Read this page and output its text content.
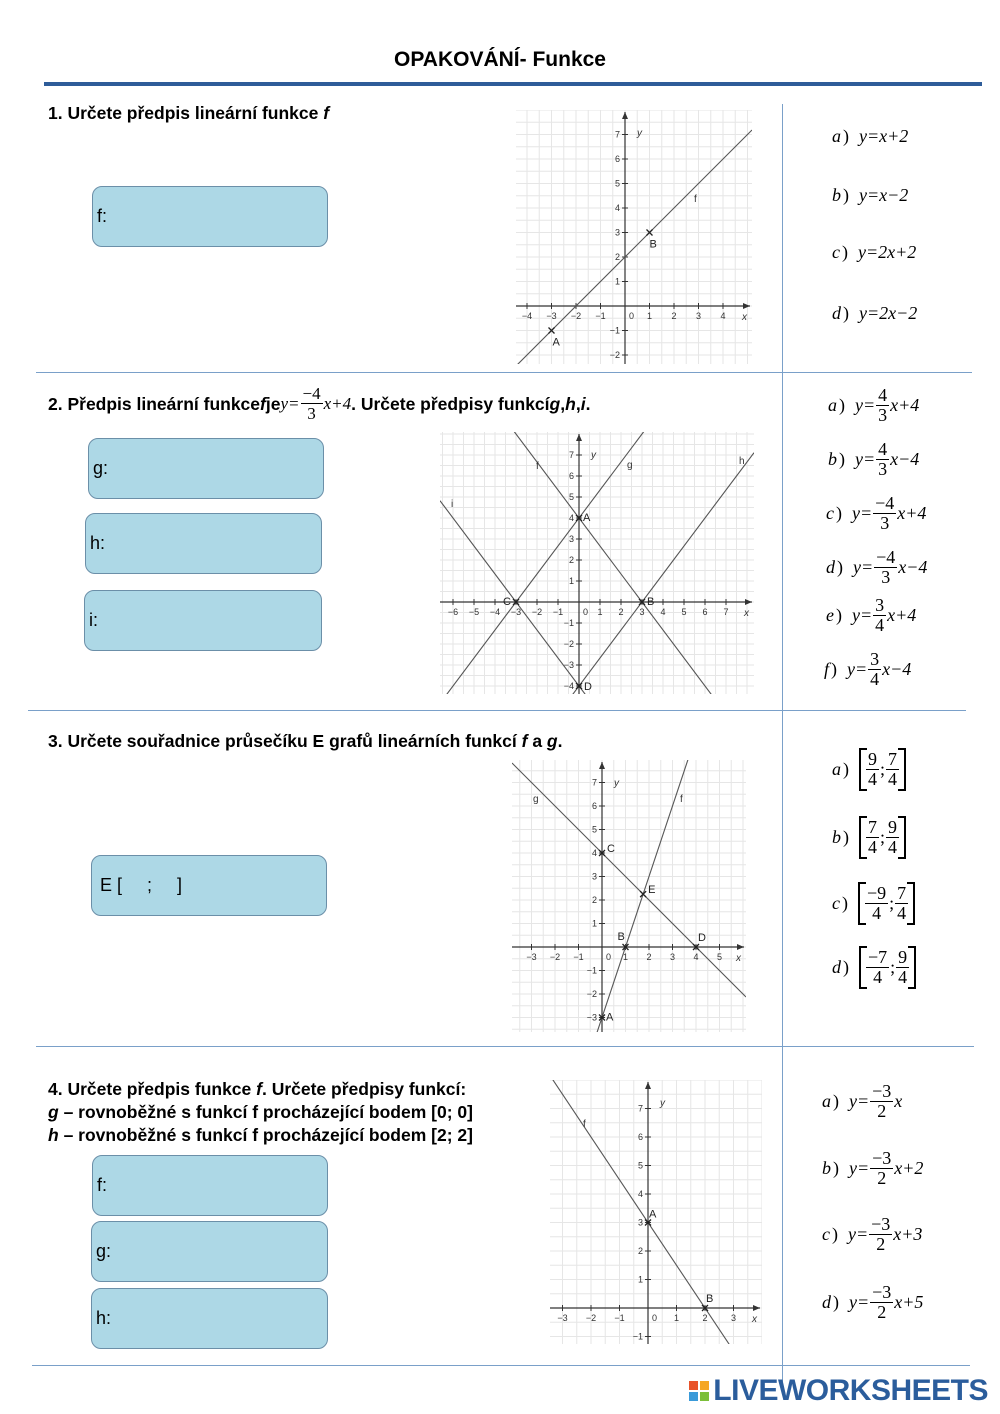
OPAKOVÁNÍ- Funkce
1. Určete předpis lineární funkce f
f:
−4 −3 −2 −1	1 2 3 4
0
−2
−1
1
2
3
4
5
6
7
x
y
f
A
B
a ) y=x+2
b ) y=x−2
c ) y=2x+2
d ) y=2x−2
2. Předpis lineární funkce f je $y= \frac{-4}{3} x+4$ . Určete předpisy funkcí g , h , i .
g:
h:
i:	−6 −5 −4 −3 −2 −1	1 2 3 4 5 6 7
0
−4
−3
−2
−1
1
2
3
4
5
6
7
x
y
f	g	h
i
A
B
C
D
a ) $y= \frac{4}{3} x+4$
b ) $y= \frac{4}{3} x-4$
c ) $y= \frac{-4}{3} x+4$
d ) $y= \frac{-4}{3} x-4$
e ) $y= \frac{3}{4} x+4$
f ) $y= \frac{3}{4} x-4$
3. Určete souřadnice průsečíku E grafů lineárních funkcí f a g.
E [     ;     ]
−3 −2 −1	1 2 3 4 5
0
−3
−2
−1
1
2
3
4
5
6
7
x
y
f
g
A
B
C
D
E
a ) $\frac{9}{4}$ ; $\frac{7}{4}$
b ) $\frac{7}{4}$ ; $\frac{9}{4}$
c ) $\frac{-9}{4}$ ; $\frac{7}{4}$
d ) $\frac{-7}{4}$ ; $\frac{9}{4}$
4. Určete předpis funkce f. Určete předpisy funkcí:
g – rovnoběžné s funkcí f procházející bodem [0; 0]
h – rovnoběžné s funkcí f procházející bodem [2; 2]
f:
g:
h:	−3 −2 −1	1	2	3
0
−1
1
2
3
4
5
6
7
x
y
f
A
B
a ) $y= \frac{-3}{2}$ x
b ) $y= \frac{-3}{2} x+2$
c ) $y= \frac{-3}{2} x+3$
d ) $y= \frac{-3}{2} x+5$
LIVEWORKSHEETS
